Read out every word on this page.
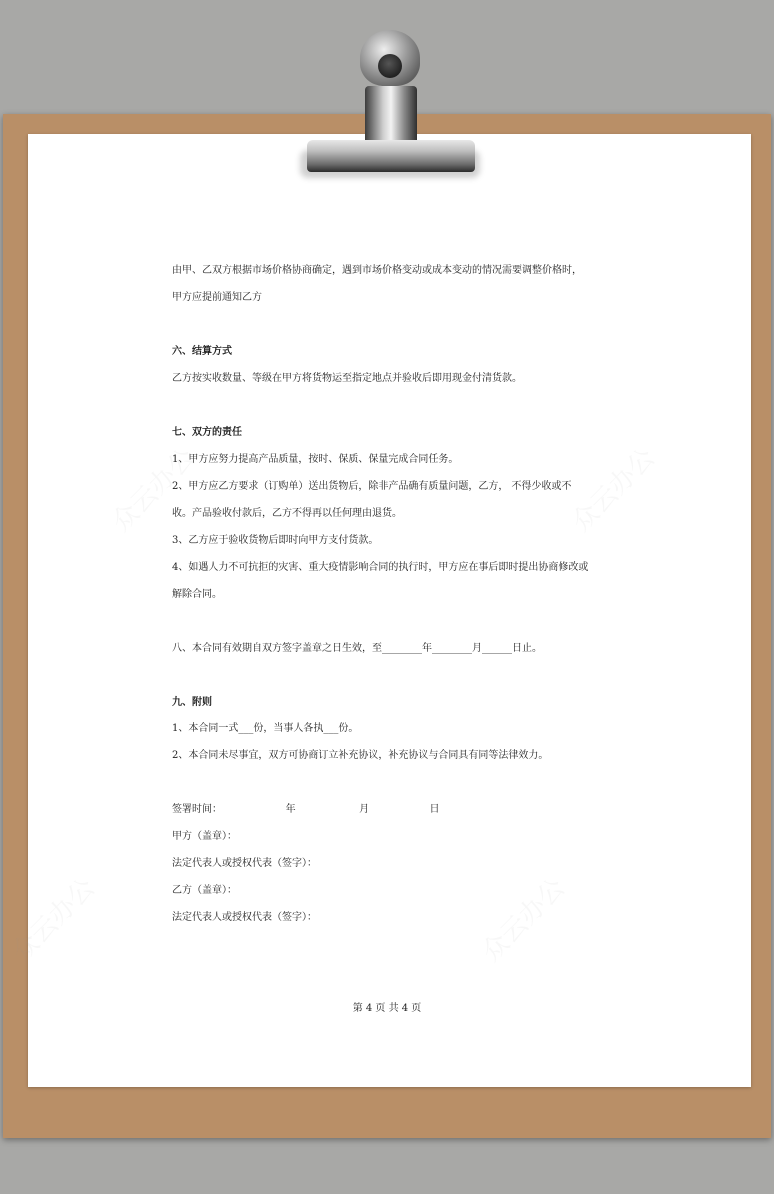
众云办公	众云办公
众云办公	众云办公
由甲、乙双方根据市场价格协商确定，遇到市场价格变动或成本变动的情况需要调整价格时，
甲方应提前通知乙方
六、结算方式
乙方按实收数量、等级在甲方将货物运至指定地点并验收后即用现金付清货款。
七、双方的责任
1、甲方应努力提高产品质量，按时、保质、保量完成合同任务。
2、甲方应乙方要求（订购单）送出货物后，除非产品确有质量问题，乙方， 不得少收或不
收。产品验收付款后，乙方不得再以任何理由退货。
3、乙方应于验收货物后即时向甲方支付货款。
4、如遇人力不可抗拒的灾害、重大疫情影响合同的执行时，甲方应在事后即时提出协商修改或
解除合同。
八、本合同有效期自双方签字盖章之日生效，至________年________月______日止。
九、附则
1、本合同一式___份，当事人各执___份。
2、本合同未尽事宜，双方可协商订立补充协议，补充协议与合同具有同等法律效力。
签署时间：                    年                    月                   日
甲方（盖章）：
法定代表人或授权代表（签字）：
乙方（盖章）：
法定代表人或授权代表（签字）：
第 4 页 共 4 页
